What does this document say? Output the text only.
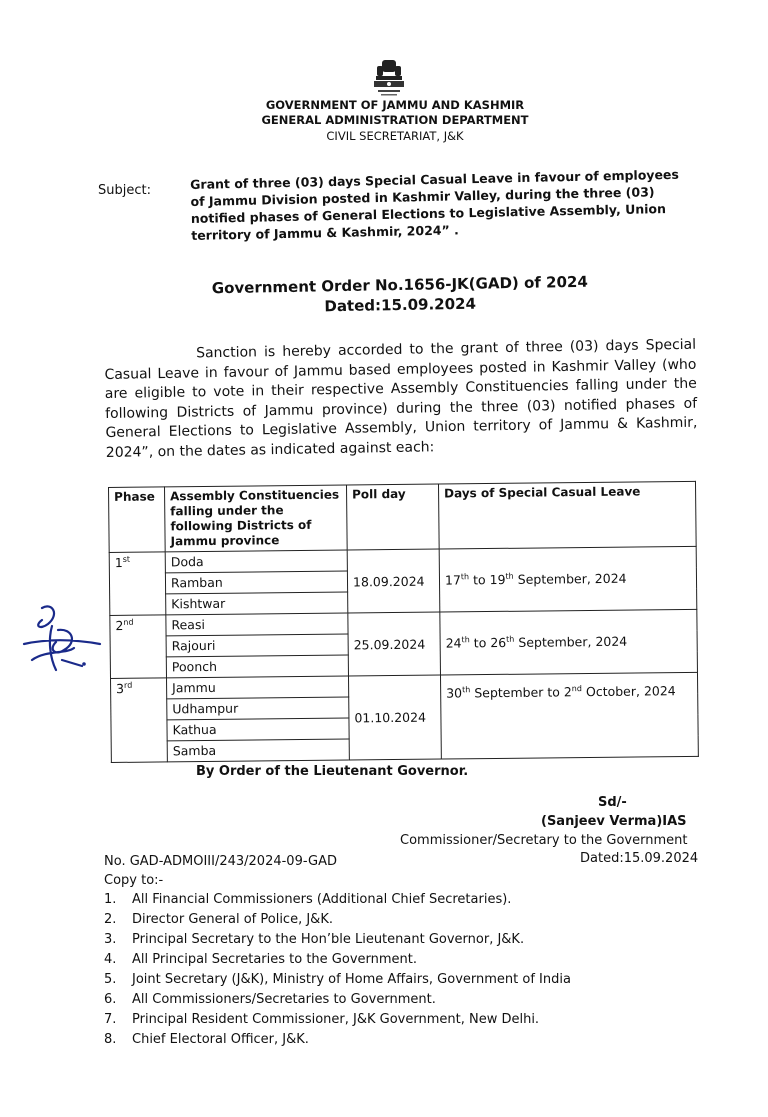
GOVERNMENT OF JAMMU AND KASHMIR
GENERAL ADMINISTRATION DEPARTMENT
CIVIL SECRETARIAT, J&K
Subject:	Grant of three (03) days Special Casual Leave in favour of employees of Jammu Division posted in Kashmir Valley, during the three (03) notified phases of General Elections to Legislative Assembly, Union territory of Jammu & Kashmir, 2024” .
Government Order No.1656-JK(GAD) of 2024
Dated:15.09.2024

Sanction is hereby accorded to the grant of three (03) days Special Casual Leave in favour of Jammu based employees posted in Kashmir Valley (who are eligible to vote in their respective Assembly Constituencies falling under the following Districts of Jammu province) during the three (03) notified phases of General Elections to Legislative Assembly, Union territory of Jammu & Kashmir, 2024”, on the dates as indicated against each:

Phase	Assembly Constituencies falling under the following Districts of Jammu province	Poll day	Days of Special Casual Leave
1st	Doda	18.09.2024	17th to 19th September, 2024
	Ramban		
	Kishtwar		
2nd	Reasi	25.09.2024	24th to 26th September, 2024
	Rajouri		
	Poonch		
3rd	Jammu	01.10.2024	30th September to 2nd October, 2024
	Udhampur		
	Kathua		
	Samba		
By Order of the Lieutenant Governor.
Sd/-
(Sanjeev Verma)IAS
Commissioner/Secretary to the Government
Dated:15.09.2024
No. GAD-ADMOIII/243/2024-09-GAD
Copy to:-
1.	All Financial Commissioners (Additional Chief Secretaries).
2.	Director General of Police, J&K.
3.	Principal Secretary to the Hon’ble Lieutenant Governor, J&K.
4.	All Principal Secretaries to the Government.
5.	Joint Secretary (J&K), Ministry of Home Affairs, Government of India
6.	All Commissioners/Secretaries to Government.
7.	Principal Resident Commissioner, J&K Government, New Delhi.
8.	Chief Electoral Officer, J&K.
